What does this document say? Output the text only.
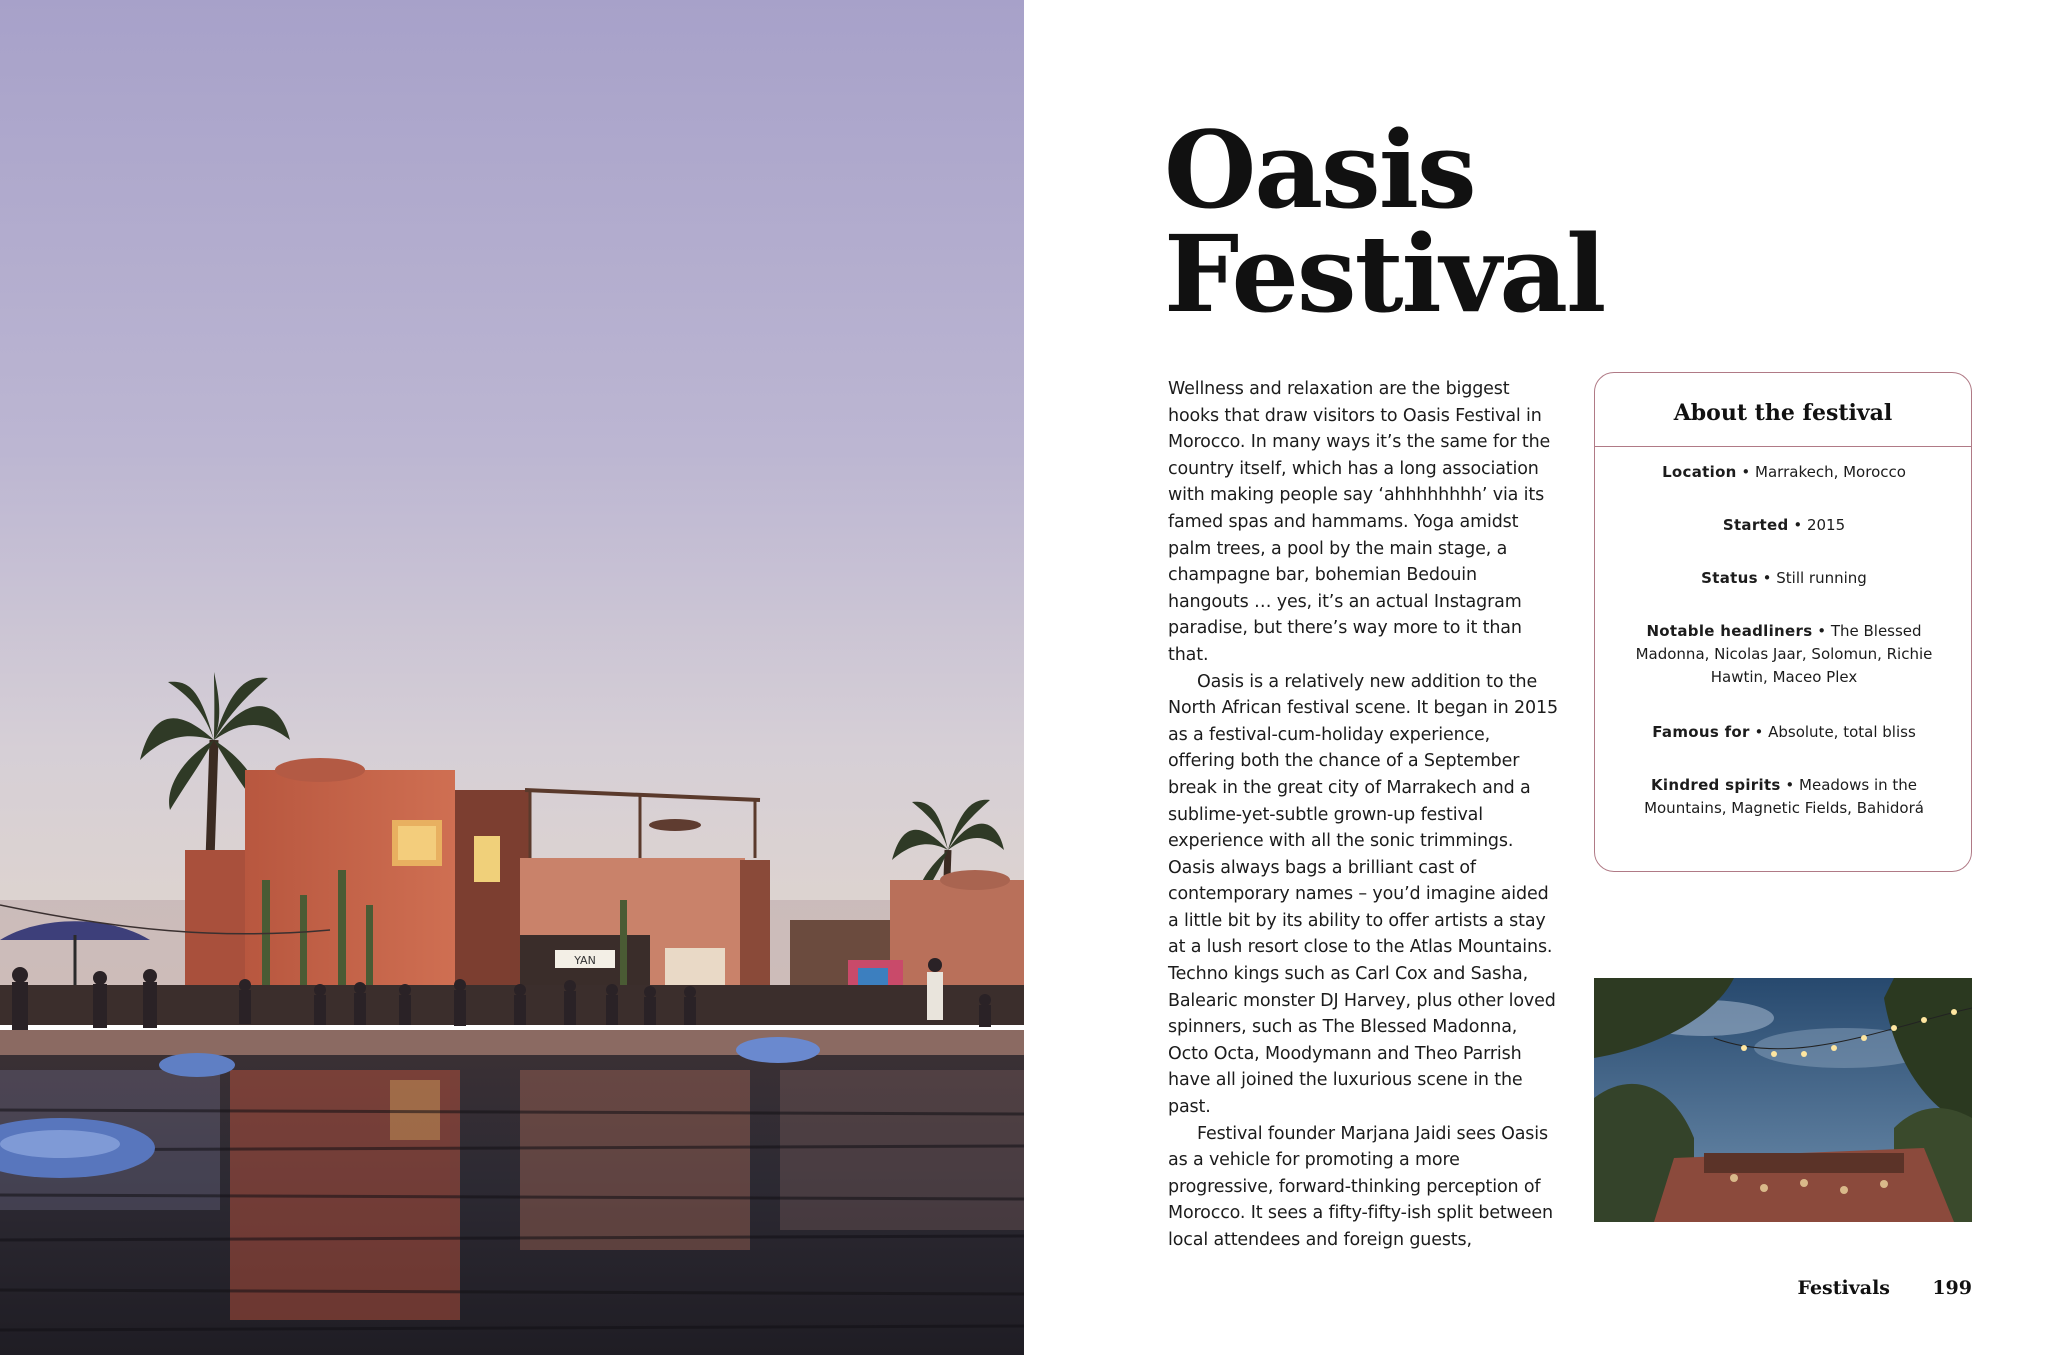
YAN
Oasis
Festival

Wellness and relaxation are the biggest hooks that draw visitors to Oasis Festival in Morocco. In many ways it’s the same for the country itself, which has a long association with making people say ‘ahhhhhhhh’ via its famed spas and hammams. Yoga amidst palm trees, a pool by the main stage, a champagne bar, bohemian Bedouin hangouts … yes, it’s an actual Instagram paradise, but there’s way more to it than that.

Oasis is a relatively new addition to the North African festival scene. It began in 2015 as a festival-cum-holiday experience, offering both the chance of a September break in the great city of Marrakech and a sublime-yet-subtle grown-up festival experience with all the sonic trimmings. Oasis always bags a brilliant cast of contemporary names – you’d imagine aided a little bit by its ability to offer artists a stay at a lush resort close to the Atlas Mountains. Techno kings such as Carl Cox and Sasha, Balearic monster DJ Harvey, plus other loved spinners, such as The Blessed Madonna, Octo Octa, Moodymann and Theo Parrish have all joined the luxurious scene in the past.

Festival founder Marjana Jaidi sees Oasis as a vehicle for promoting a more progressive, forward-thinking perception of Morocco. It sees a fifty-fifty-ish split between local attendees and foreign guests,

About the festival
Location • Marrakech, Morocco
Started • 2015
Status • Still running
Notable headliners • The Blessed Madonna, Nicolas Jaar, Solomun, Richie Hawtin, Maceo Plex
Famous for • Absolute, total bliss
Kindred spirits • Meadows in the Mountains, Magnetic Fields, Bahidorá
Festivals	199
